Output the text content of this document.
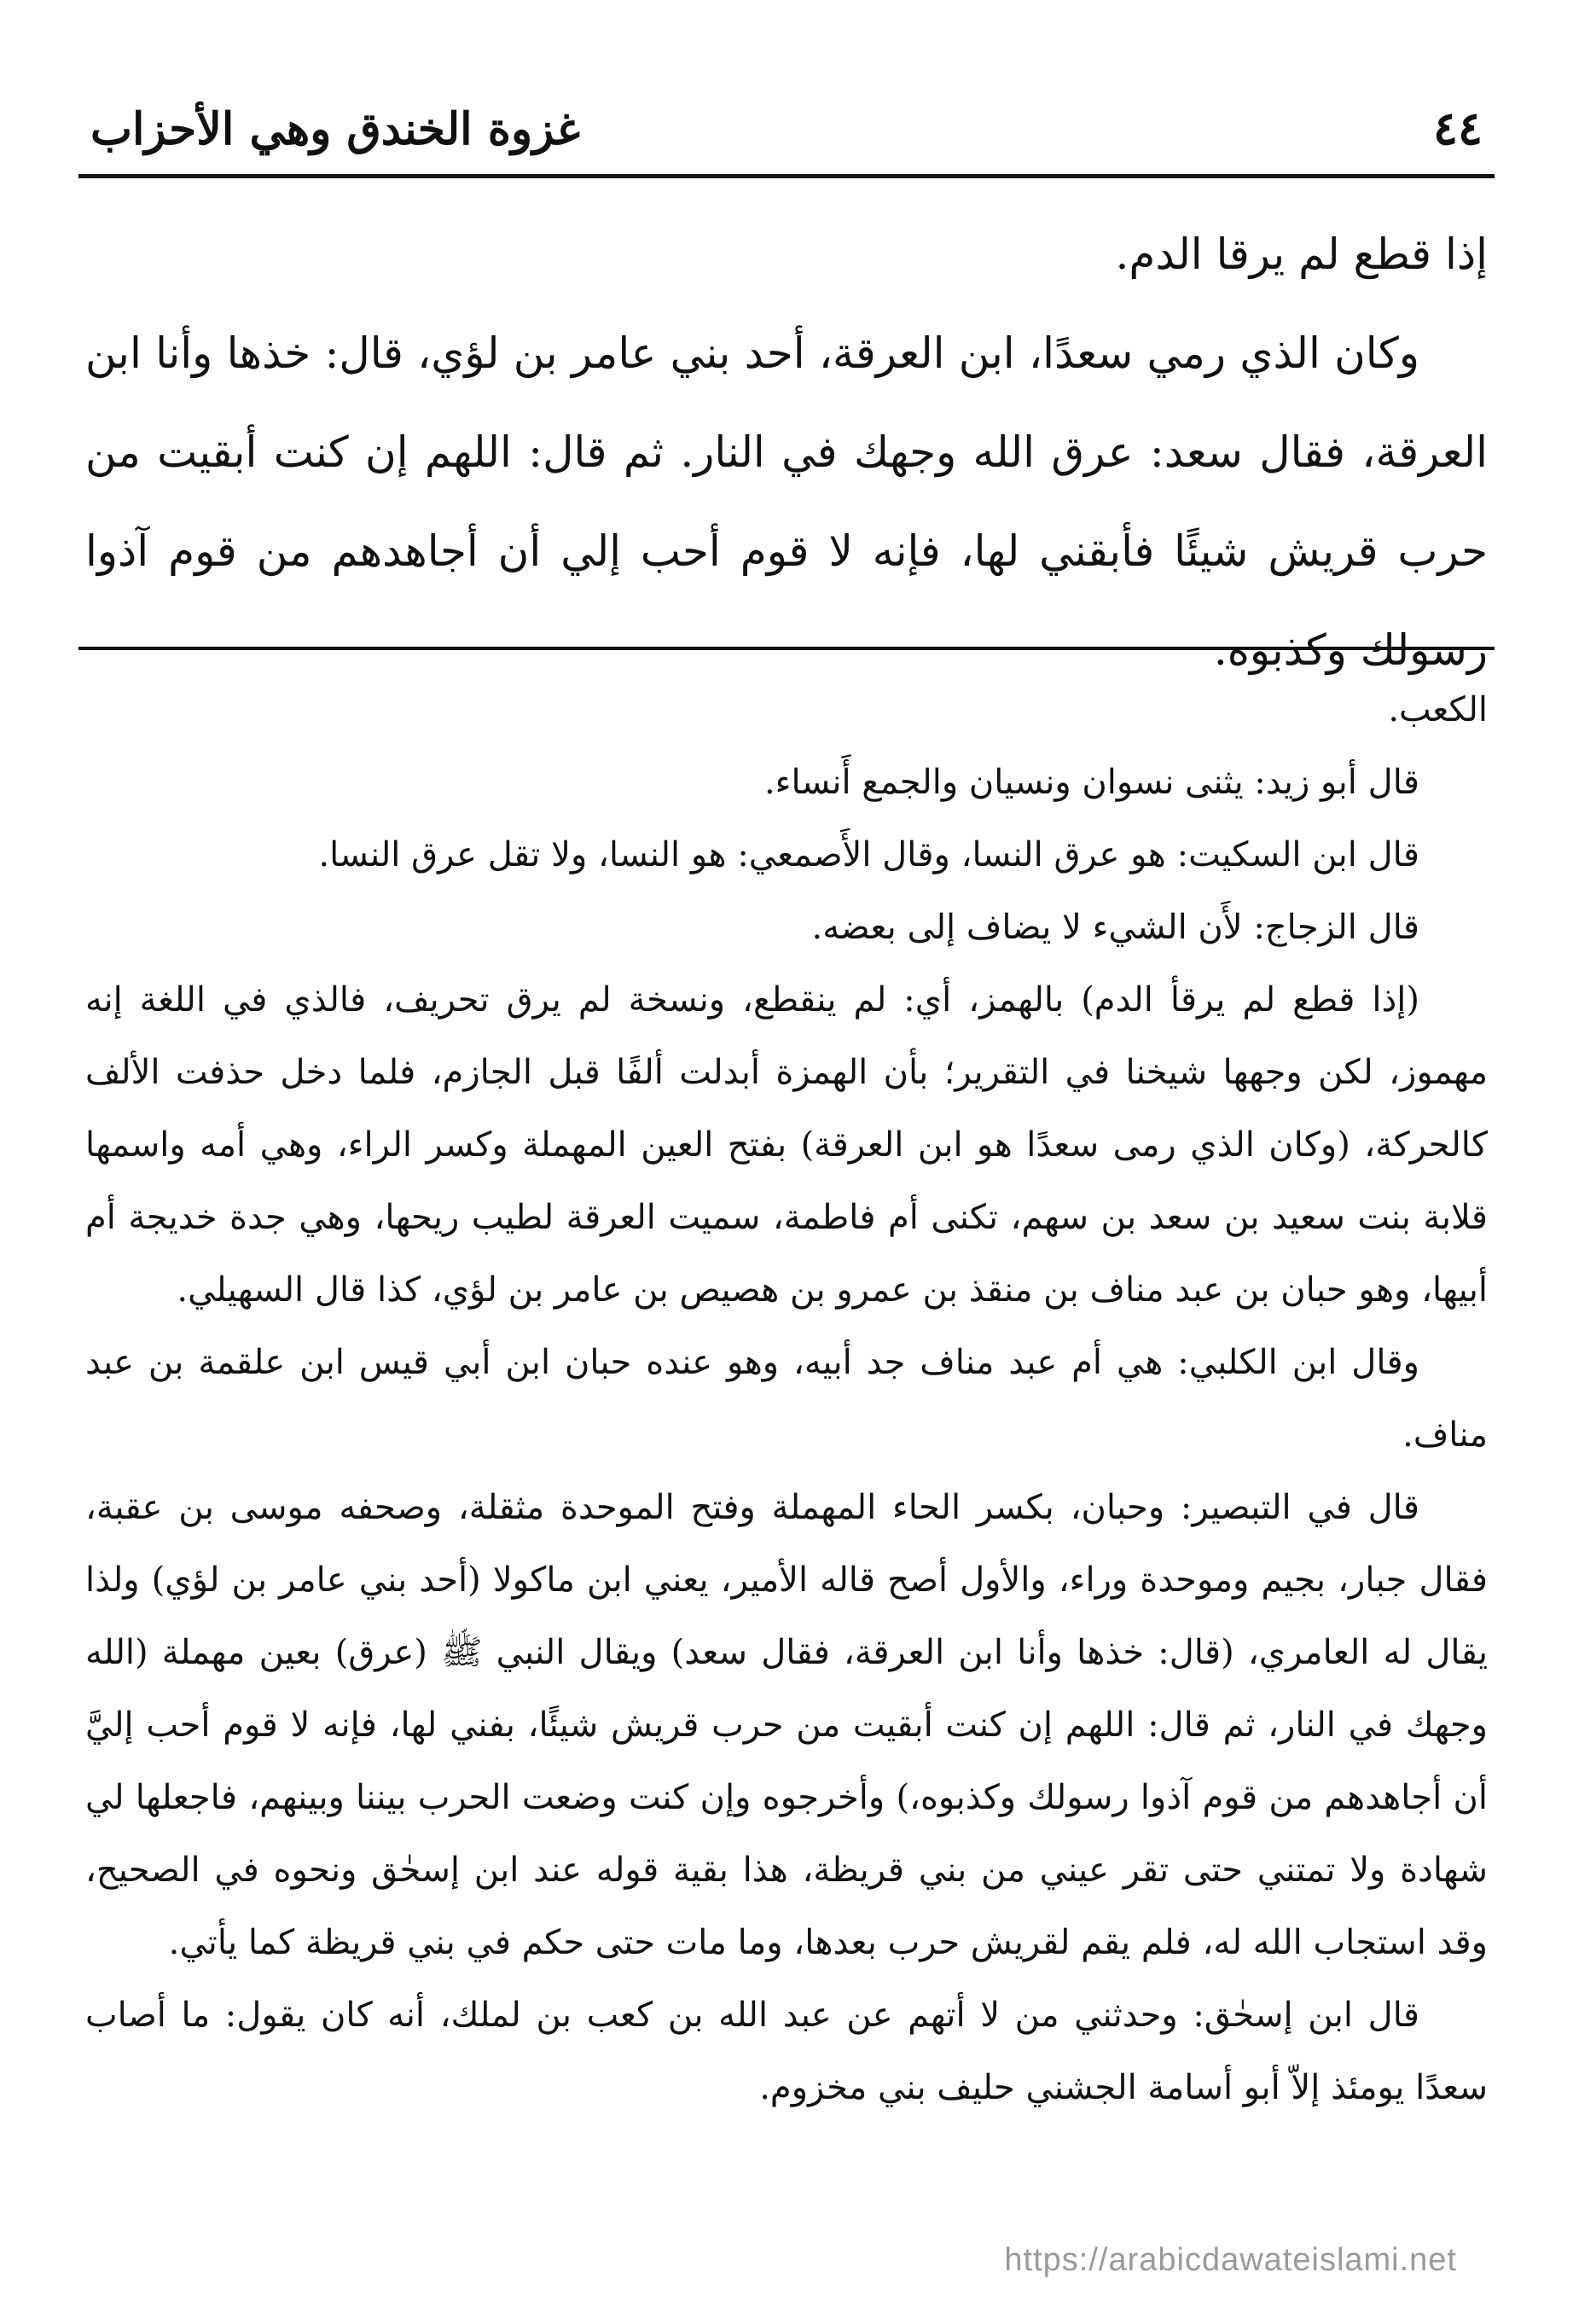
٤٤
غزوة الخندق وهي الأحزاب

إذا قطع لم يرقا الدم.

وكان الذي رمي سعدًا، ابن العرقة، أحد بني عامر بن لؤي، قال: خذها وأنا ابن العرقة، فقال سعد: عرق الله وجهك في النار. ثم قال: اللهم إن كنت أبقيت من حرب قريش شيئًا فأبقني لها، فإنه لا قوم أحب إلي أن أجاهدهم من قوم آذوا رسولك وكذبوه.

الكعب.

قال أبو زيد: يثنى نسوان ونسيان والجمع أَنساء.

قال ابن السكيت: هو عرق النسا، وقال الأَصمعي: هو النسا، ولا تقل عرق النسا.

قال الزجاج: لأَن الشيء لا يضاف إلى بعضه.

(إذا قطع لم يرقأ الدم) بالهمز، أي: لم ينقطع، ونسخة لم يرق تحريف، فالذي في اللغة إنه مهموز، لكن وجهها شيخنا في التقرير؛ بأن الهمزة أبدلت ألفًا قبل الجازم، فلما دخل حذفت الألف كالحركة، (وكان الذي رمى سعدًا هو ابن العرقة) بفتح العين المهملة وكسر الراء، وهي أمه واسمها قلابة بنت سعيد بن سعد بن سهم، تكنى أم فاطمة، سميت العرقة لطيب ريحها، وهي جدة خديجة أم أبيها، وهو حبان بن عبد مناف بن منقذ بن عمرو بن هصيص بن عامر بن لؤي، كذا قال السهيلي.

وقال ابن الكلبي: هي أم عبد مناف جد أبيه، وهو عنده حبان ابن أبي قيس ابن علقمة بن عبد مناف.

قال في التبصير: وحبان، بكسر الحاء المهملة وفتح الموحدة مثقلة، وصحفه موسى بن عقبة، فقال جبار، بجيم وموحدة وراء، والأول أصح قاله الأمير، يعني ابن ماكولا (أحد بني عامر بن لؤي) ولذا يقال له العامري، (قال: خذها وأنا ابن العرقة، فقال سعد) ويقال النبي ﷺ (عرق) بعين مهملة (الله وجهك في النار، ثم قال: اللهم إن كنت أبقيت من حرب قريش شيئًا، بفني لها، فإنه لا قوم أحب إليَّ أن أجاهدهم من قوم آذوا رسولك وكذبوه،) وأخرجوه وإن كنت وضعت الحرب بيننا وبينهم، فاجعلها لي شهادة ولا تمتني حتى تقر عيني من بني قريظة، هذا بقية قوله عند ابن إسحٰق ونحوه في الصحيح، وقد استجاب الله له، فلم يقم لقريش حرب بعدها، وما مات حتى حكم في بني قريظة كما يأتي.

قال ابن إسحٰق: وحدثني من لا أتهم عن عبد الله بن كعب بن لملك، أنه كان يقول: ما أصاب سعدًا يومئذ إلاّ أبو أسامة الجشني حليف بني مخزوم.

https://arabicdawateislami.net
